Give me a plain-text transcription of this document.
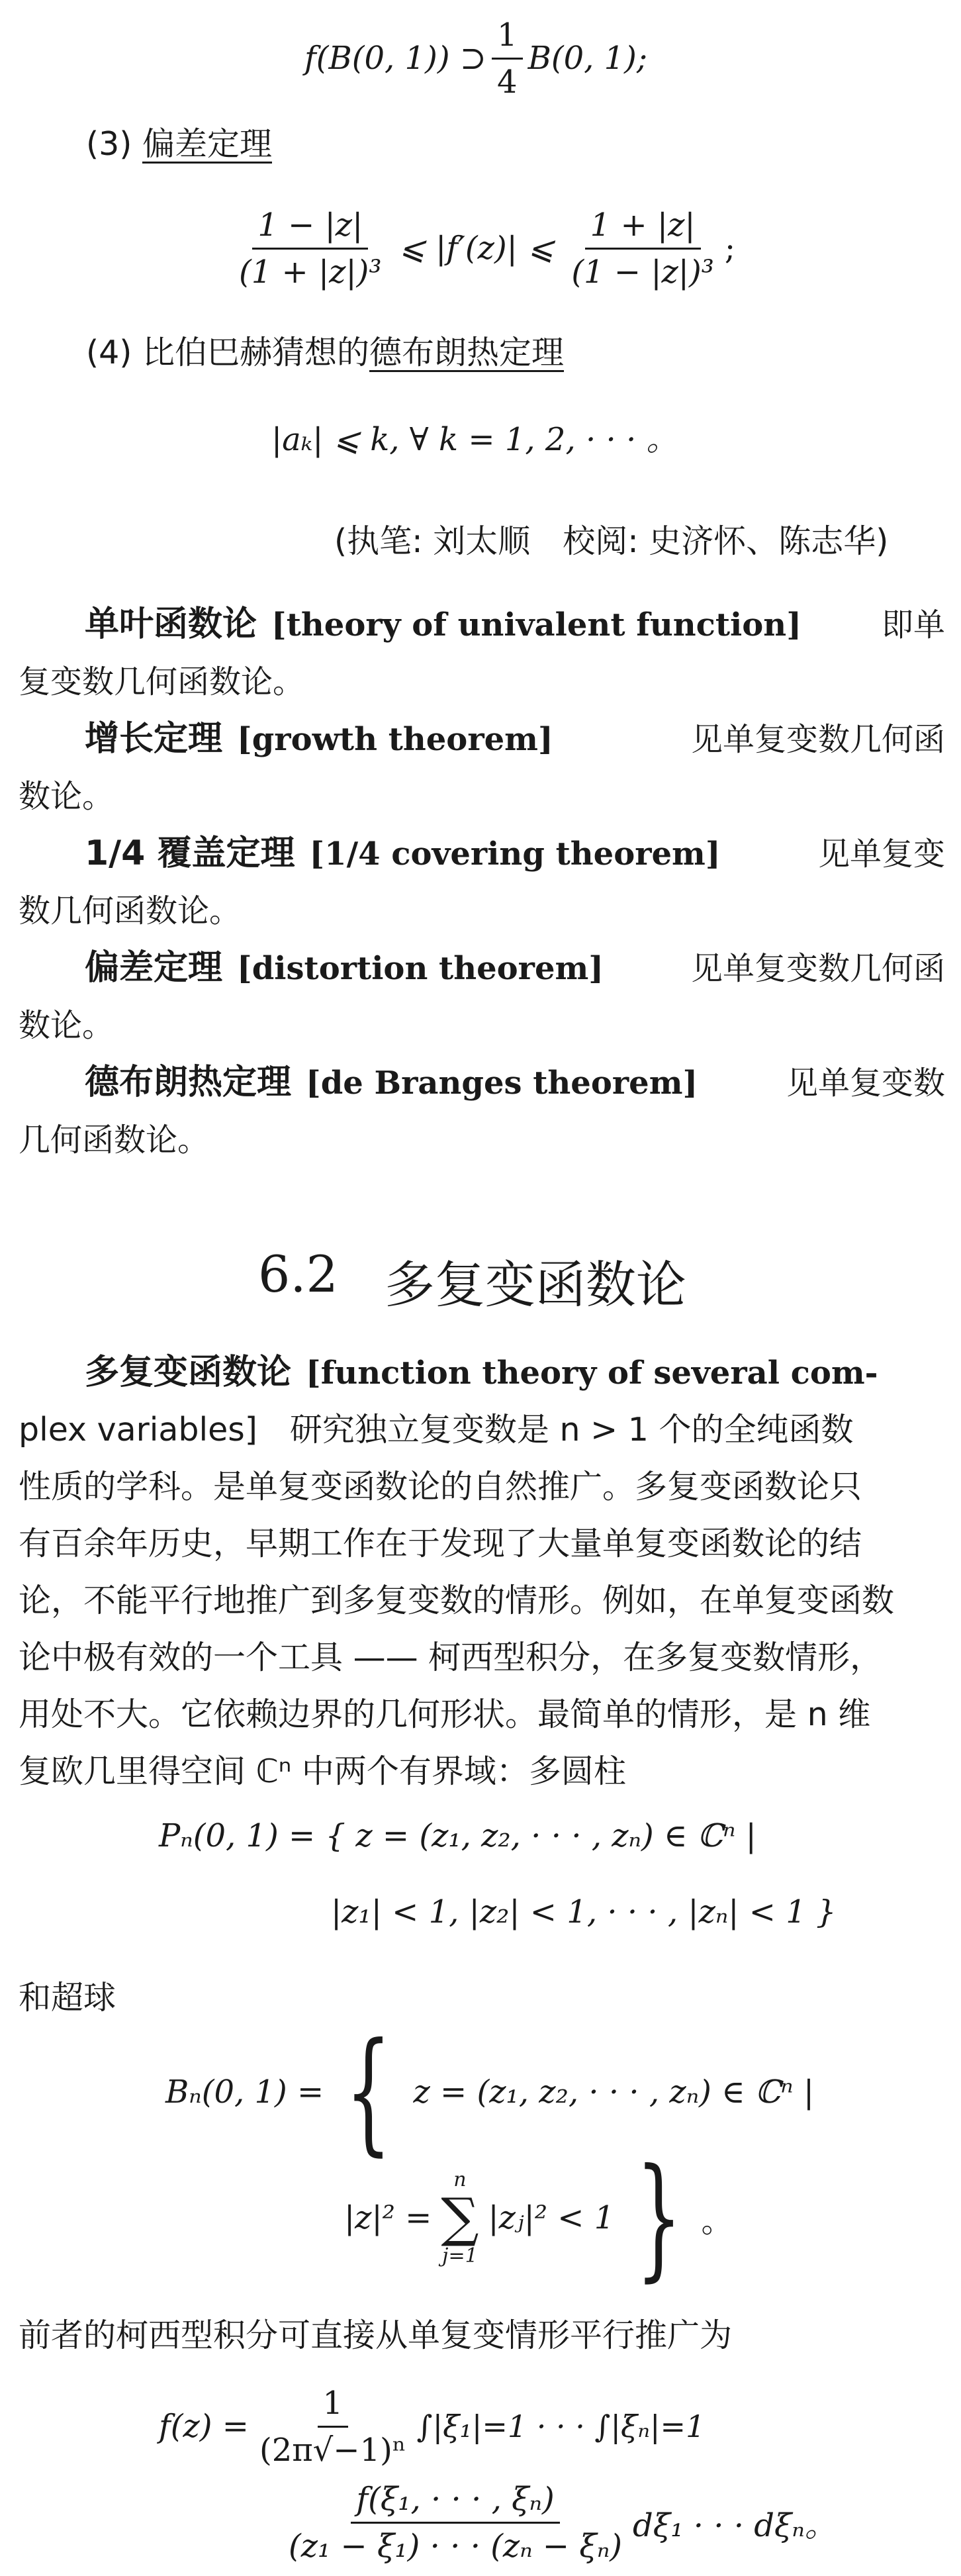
f(B(0, 1)) ⊃ $\frac{1}{4} B(0$, 1);
(3) 偏差定理
$\frac{1 - |z|}{\text{(1 + |z|)³}}$ ⩽ |f′(z)| ⩽ $\frac{1 + |z|}{\text{(1 − |z|)³}}$ ;
(4) 比伯巴赫猜想的德布朗热定理
|aₖ| ⩽ k, ∀ k = 1, 2, · · · 。
(执笔: 刘太顺　校阅: 史济怀、陈志华)
单叶函数论 [theory of univalent function]	即单
复变数几何函数论。
增长定理 [growth theorem]	见单复变数几何函
数论。
1/4 覆盖定理 [1/4 covering theorem]	见单复变
数几何函数论。
偏差定理 [distortion theorem]	见单复变数几何函
数论。
德布朗热定理 [de Branges theorem]	见单复变数
几何函数论。
6.2 多复变函数论
多复变函数论 [function theory of several com-
plex variables]　研究独立复变数是 n > 1 个的全纯函数
性质的学科。是单复变函数论的自然推广。多复变函数论只
有百余年历史，早期工作在于发现了大量单复变函数论的结
论，不能平行地推广到多复变数的情形。例如，在单复变函数
论中极有效的一个工具 —— 柯西型积分，在多复变数情形，
用处不大。它依赖边界的几何形状。最简单的情形，是 n 维
复欧几里得空间 ℂⁿ 中两个有界域：多圆柱
Pₙ(0, 1) = { z = (z₁, z₂, · · · , zₙ) ∈ ℂⁿ |
|z₁| < 1, |z₂| < 1, · · · , |zₙ| < 1 }
和超球
Bₙ(0, 1) = { z = (z₁, z₂, · · · , zₙ) ∈ ℂⁿ |
|z|² =
n
∑
j=1
|zⱼ|² < 1 } 。
前者的柯西型积分可直接从单复变情形平行推广为
$f(z) = \frac{1}{\text{(2π√−1)ⁿ}} \int|\xi_1|=1$ · · · ∫|ξₙ|=1
$\frac{\text{f(ξ₁, · · · , ξₙ)}}{\text{(z₁ − ξ₁) · · · (zₙ − ξₙ)}} d\xi_1$ · · · dξₙ。
